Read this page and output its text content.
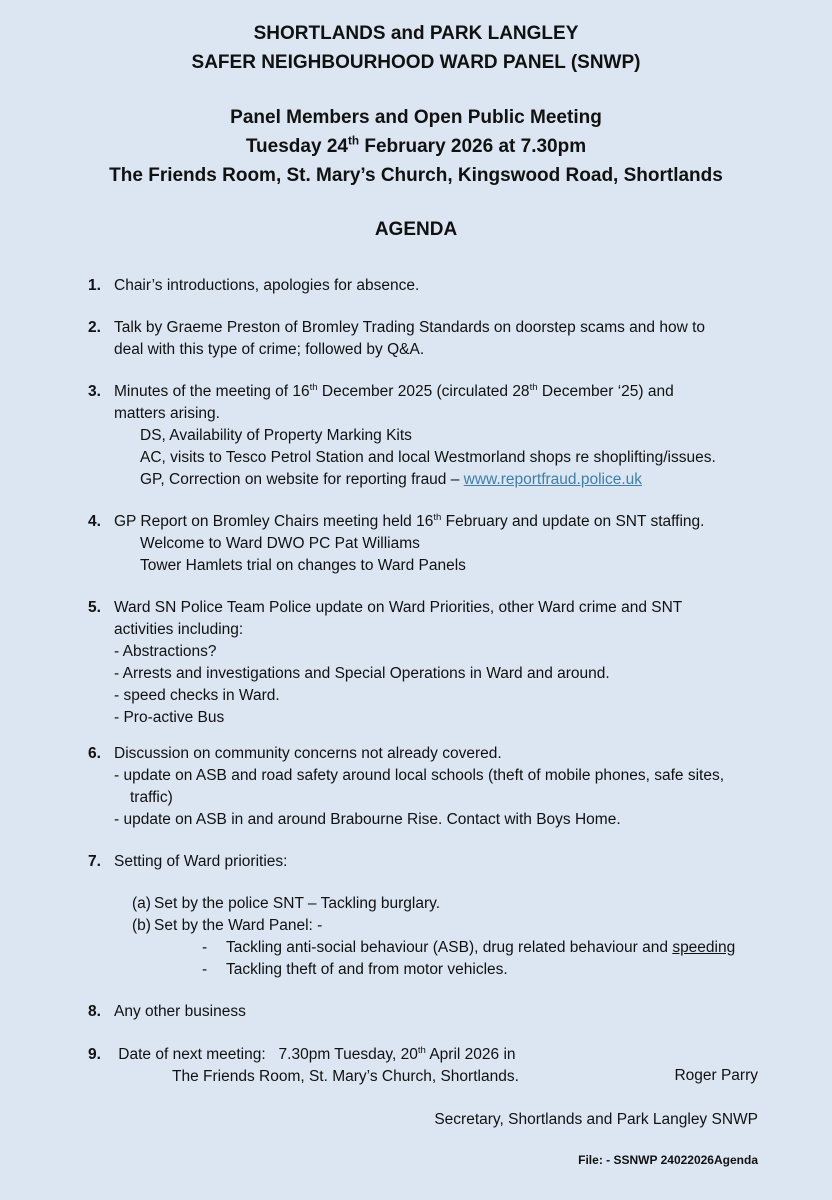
SHORTLANDS and PARK LANGLEY
SAFER NEIGHBOURHOOD WARD PANEL (SNWP)
Panel Members and Open Public Meeting
Tuesday 24th February 2026 at 7.30pm
The Friends Room, St. Mary’s Church, Kingswood Road, Shortlands
AGENDA
1. Chair’s introductions, apologies for absence.
2. Talk by Graeme Preston of Bromley Trading Standards on doorstep scams and how to
deal with this type of crime; followed by Q&A.
3. Minutes of the meeting of 16th December 2025 (circulated 28th December ‘25) and
matters arising.
DS, Availability of Property Marking Kits
AC, visits to Tesco Petrol Station and local Westmorland shops re shoplifting/issues.
GP, Correction on website for reporting fraud – www.reportfraud.police.uk
4. GP Report on Bromley Chairs meeting held 16th February and update on SNT staffing.
Welcome to Ward DWO PC Pat Williams
Tower Hamlets trial on changes to Ward Panels
5. Ward SN Police Team Police update on Ward Priorities, other Ward crime and SNT
activities including:
- Abstractions?
- Arrests and investigations and Special Operations in Ward and around.
- speed checks in Ward.
- Pro-active Bus
6. Discussion on community concerns not already covered.
- update on ASB and road safety around local schools (theft of mobile phones, safe sites,
traffic)
- update on ASB in and around Brabourne Rise. Contact with Boys Home.
7. Setting of Ward priorities:
(a) Set by the police SNT – Tackling burglary.
(b) Set by the Ward Panel: -
- Tackling anti-social behaviour (ASB), drug related behaviour and speeding
- Tackling theft of and from motor vehicles.
8. Any other business
9. Date of next meeting:   7.30pm Tuesday, 20th April 2026 in
The Friends Room, St. Mary’s Church, Shortlands.	Roger Parry
Secretary, Shortlands and Park Langley SNWP
File: - SSNWP 24022026Agenda
